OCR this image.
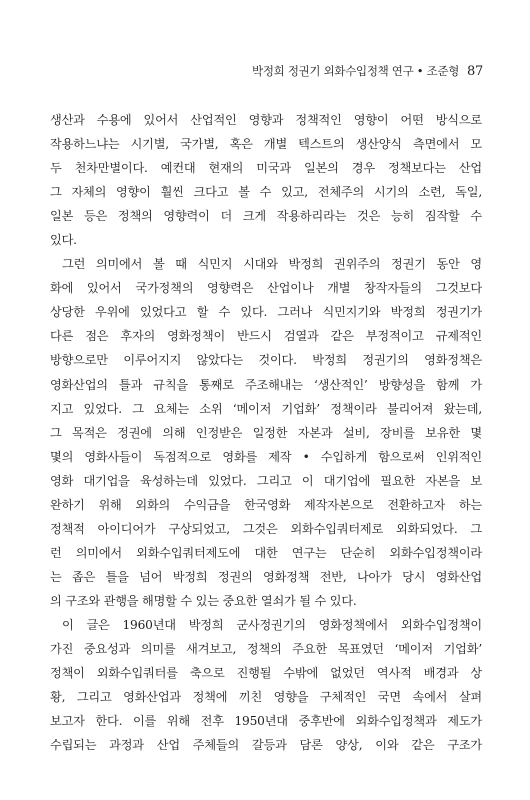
박정희 정권기 외화수입정책 연구 • 조준형 87
생산과 수용에 있어서 산업적인 영향과 정책적인 영향이 어떤 방식으로
작용하느냐는 시기별, 국가별, 혹은 개별 텍스트의 생산양식 측면에서 모
두 천차만별이다. 예컨대 현재의 미국과 일본의 경우 정책보다는 산업
그 자체의 영향이 훨씬 크다고 볼 수 있고, 전체주의 시기의 소련, 독일,
일본 등은 정책의 영향력이 더 크게 작용하리라는 것은 능히 짐작할 수
있다.
그런 의미에서 볼 때 식민지 시대와 박정희 권위주의 정권기 동안 영
화에 있어서 국가정책의 영향력은 산업이나 개별 창작자들의 그것보다
상당한 우위에 있었다고 할 수 있다. 그러나 식민지기와 박정희 정권기가
다른 점은 후자의 영화정책이 반드시 검열과 같은 부정적이고 규제적인
방향으로만 이루어지지 않았다는 것이다. 박정희 정권기의 영화정책은
영화산업의 틀과 규칙을 통째로 주조해내는 ‘생산적인’ 방향성을 함께 가
지고 있었다. 그 요체는 소위 ‘메이저 기업화’ 정책이라 불리어져 왔는데,
그 목적은 정권에 의해 인정받은 일정한 자본과 설비, 장비를 보유한 몇
몇의 영화사들이 독점적으로 영화를 제작 • 수입하게 함으로써 인위적인
영화 대기업을 육성하는데 있었다. 그리고 이 대기업에 필요한 자본을 보
완하기 위해 외화의 수익금을 한국영화 제작자본으로 전환하고자 하는
정책적 아이디어가 구상되었고, 그것은 외화수입쿼터제로 외화되었다. 그
런 의미에서 외화수입쿼터제도에 대한 연구는 단순히 외화수입정책이라
는 좁은 틀을 넘어 박정희 정권의 영화정책 전반, 나아가 당시 영화산업
의 구조와 관행을 해명할 수 있는 중요한 열쇠가 될 수 있다.
이 글은 1960년대 박정희 군사정권기의 영화정책에서 외화수입정책이
가진 중요성과 의미를 새겨보고, 정책의 주요한 목표였던 ‘메이저 기업화’
정책이 외화수입쿼터를 축으로 진행될 수밖에 없었던 역사적 배경과 상
황, 그리고 영화산업과 정책에 끼친 영향을 구체적인 국면 속에서 살펴
보고자 한다. 이를 위해 전후 1950년대 중후반에 외화수입정책과 제도가
수립되는 과정과 산업 주체들의 갈등과 담론 양상, 이와 같은 구조가
